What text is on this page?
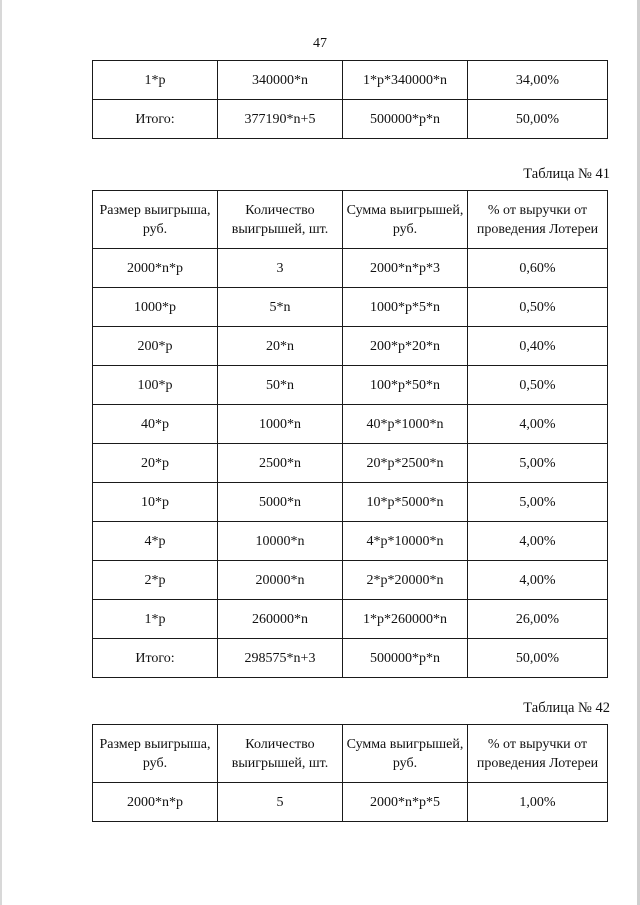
47
1*p	340000*n	1*p*340000*n	34,00%
Итого:	377190*n+5	500000*p*n	50,00%
Таблица № 41
Размер выигрыша, руб.	Количество выигрышей, шт.	Сумма выигрышей, руб.	% от выручки от проведения Лотереи
2000*n*p	3	2000*n*p*3	0,60%
1000*p	5*n	1000*p*5*n	0,50%
200*p	20*n	200*p*20*n	0,40%
100*p	50*n	100*p*50*n	0,50%
40*p	1000*n	40*p*1000*n	4,00%
20*p	2500*n	20*p*2500*n	5,00%
10*p	5000*n	10*p*5000*n	5,00%
4*p	10000*n	4*p*10000*n	4,00%
2*p	20000*n	2*p*20000*n	4,00%
1*p	260000*n	1*p*260000*n	26,00%
Итого:	298575*n+3	500000*p*n	50,00%
Таблица № 42
Размер выигрыша, руб.	Количество выигрышей, шт.	Сумма выигрышей, руб.	% от выручки от проведения Лотереи
2000*n*p	5	2000*n*p*5	1,00%
